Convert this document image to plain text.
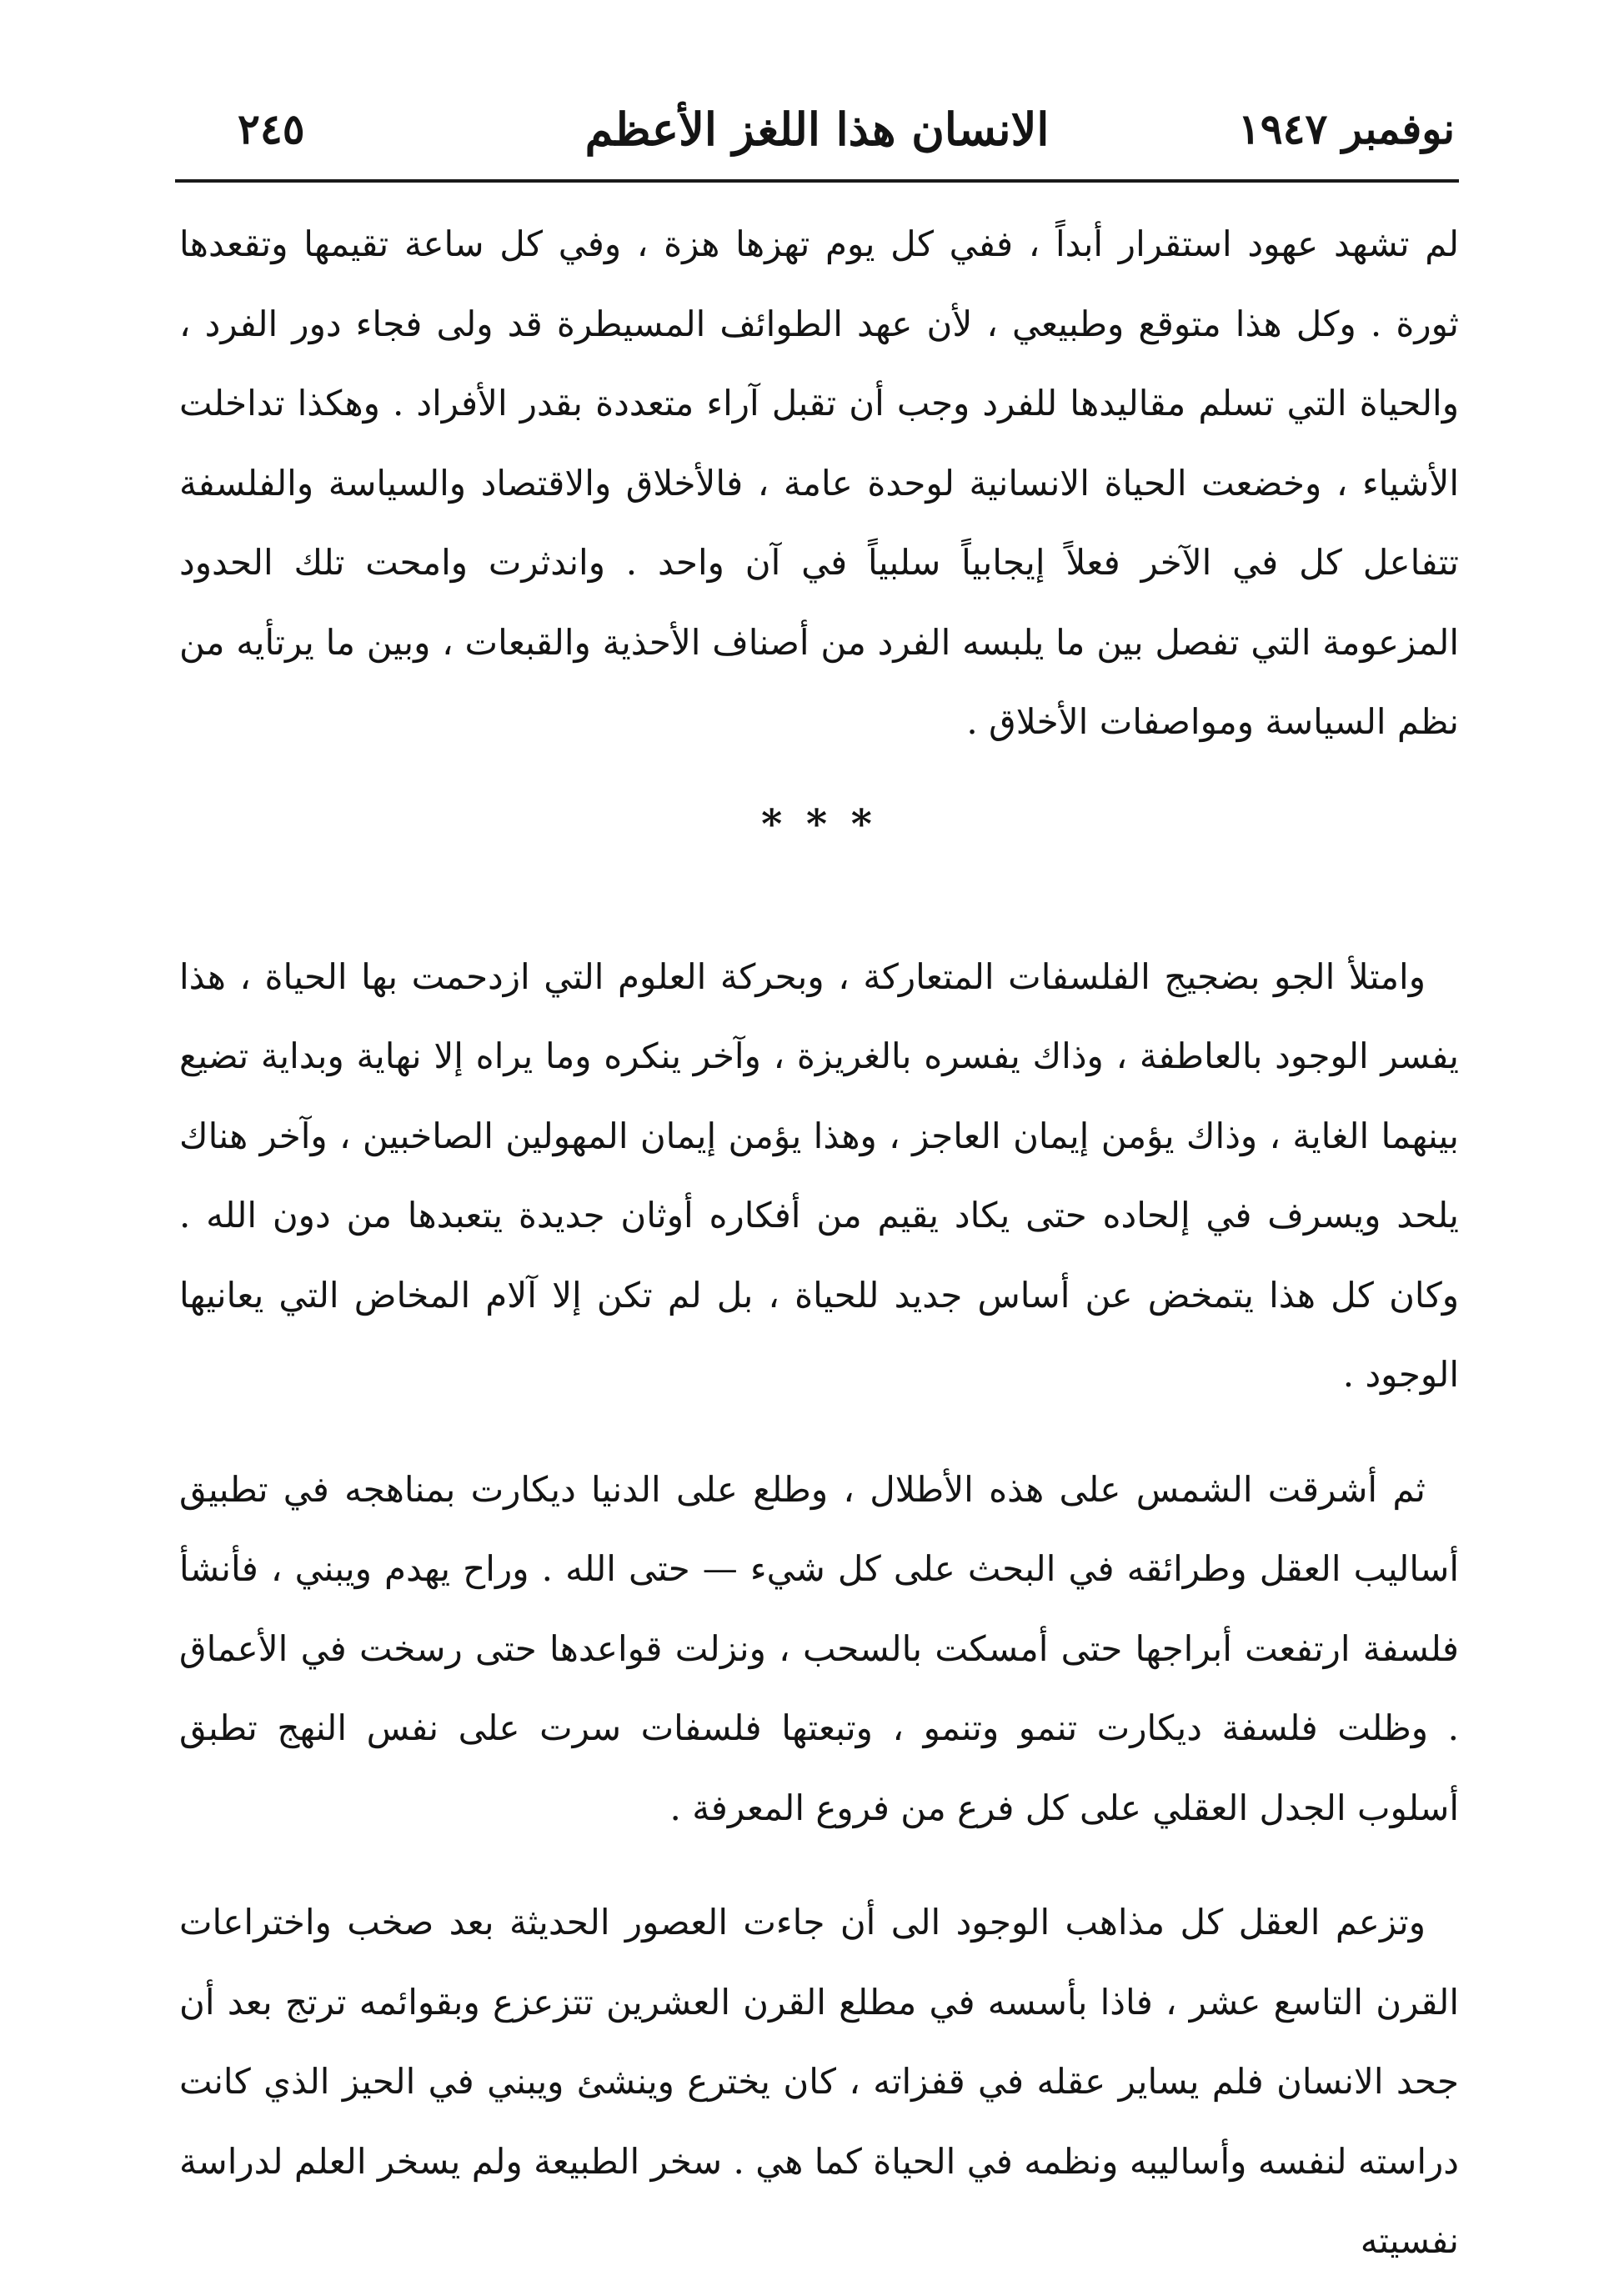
نوفمبر ١٩٤٧
الانسان هذا اللغز الأعظم
٢٤٥

لم تشهد عهود استقرار أبداً ، ففي كل يوم تهزها هزة ، وفي كل ساعة تقيمها وتقعدها ثورة . وكل هذا متوقع وطبيعي ، لأن عهد الطوائف المسيطرة قد ولى فجاء دور الفرد ، والحياة التي تسلم مقاليدها للفرد وجب أن تقبل آراء متعددة بقدر الأفراد . وهكذا تداخلت الأشياء ، وخضعت الحياة الانسانية لوحدة عامة ، فالأخلاق والاقتصاد والسياسة والفلسفة تتفاعل كل في الآخر فعلاً إيجابياً سلبياً في آن واحد . واندثرت وامحت تلك الحدود المزعومة التي تفصل بين ما يلبسه الفرد من أصناف الأحذية والقبعات ، وبين ما يرتأيه من نظم السياسة ومواصفات الأخلاق .

* * *

وامتلأ الجو بضجيج الفلسفات المتعاركة ، وبحركة العلوم التي ازدحمت بها الحياة ، هذا يفسر الوجود بالعاطفة ، وذاك يفسره بالغريزة ، وآخر ينكره وما يراه إلا نهاية وبداية تضيع بينهما الغاية ، وذاك يؤمن إيمان العاجز ، وهذا يؤمن إيمان المهولين الصاخبين ، وآخر هناك يلحد ويسرف في إلحاده حتى يكاد يقيم من أفكاره أوثان جديدة يتعبدها من دون الله . وكان كل هذا يتمخض عن أساس جديد للحياة ، بل لم تكن إلا آلام المخاض التي يعانيها الوجود .

ثم أشرقت الشمس على هذه الأطلال ، وطلع على الدنيا ديكارت بمناهجه في تطبيق أساليب العقل وطرائقه في البحث على كل شيء — حتى الله . وراح يهدم ويبني ، فأنشأ فلسفة ارتفعت أبراجها حتى أمسكت بالسحب ، ونزلت قواعدها حتى رسخت في الأعماق . وظلت فلسفة ديكارت تنمو وتنمو ، وتبعتها فلسفات سرت على نفس النهج تطبق أسلوب الجدل العقلي على كل فرع من فروع المعرفة .

وتزعم العقل كل مذاهب الوجود الى أن جاءت العصور الحديثة بعد صخب واختراعات القرن التاسع عشر ، فاذا بأسسه في مطلع القرن العشرين تتزعزع وبقوائمه ترتج بعد أن جحد الانسان فلم يساير عقله في قفزاته ، كان يخترع وينشئ ويبني في الحيز الذي كانت دراسته لنفسه وأساليبه ونظمه في الحياة كما هي . سخر الطبيعة ولم يسخر العلم لدراسة نفسيته
